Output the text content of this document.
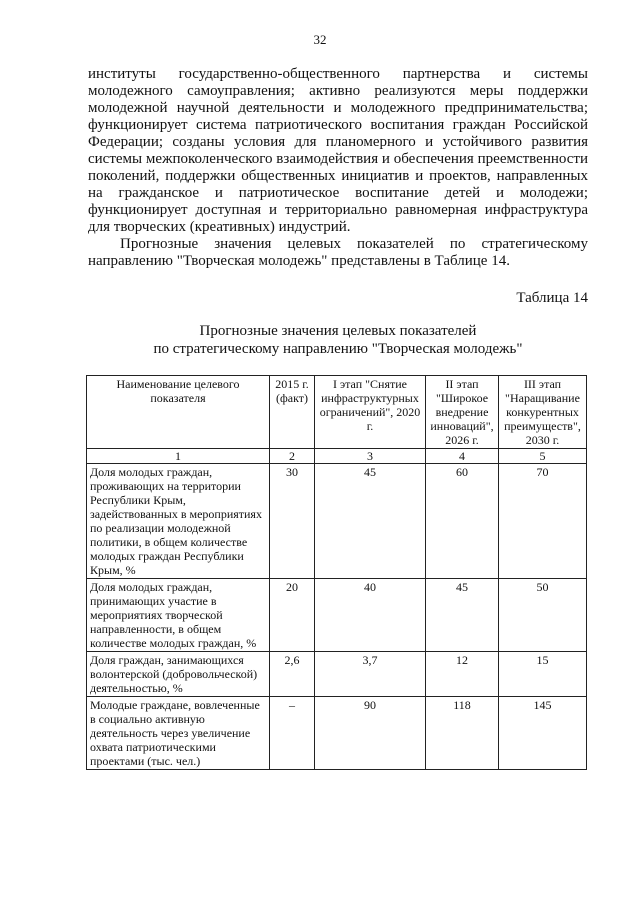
32

институты государственно-общественного партнерства и системы молодежного самоуправления; активно реализуются меры поддержки молодежной научной деятельности и молодежного предпринимательства; функционирует система патриотического воспитания граждан Российской Федерации; созданы условия для планомерного и устойчивого развития системы межпоколенческого взаимодействия и обеспечения преемственности поколений, поддержки общественных инициатив и проектов, направленных на гражданское и патриотическое воспитание детей и молодежи; функционирует доступная и территориально равномерная инфраструктура для творческих (креативных) индустрий.

Прогнозные значения целевых показателей по стратегическому направлению "Творческая молодежь" представлены в Таблице 14.

Таблица 14
Прогнозные значения целевых показателей
по стратегическому направлению "Творческая молодежь"
Наименование целевого показателя	2015 г. (факт)	I этап "Снятие инфраструктурных ограничений", 2020 г.	II этап "Широкое внедрение инноваций", 2026 г.	III этап "Наращивание конкурентных преимуществ", 2030 г.
1	2	3	4	5
Доля молодых граждан, проживающих на территории Республики Крым, задействованных в мероприятиях по реализации молодежной политики, в общем количестве молодых граждан Республики Крым, %	30	45	60	70
Доля молодых граждан, принимающих участие в мероприятиях творческой направленности, в общем количестве молодых граждан, %	20	40	45	50
Доля граждан, занимающихся волонтерской (добровольческой) деятельностью, %	2,6	3,7	12	15
Молодые граждане, вовлеченные в социально активную деятельность через увеличение охвата патриотическими проектами (тыс. чел.)	–	90	118	145
